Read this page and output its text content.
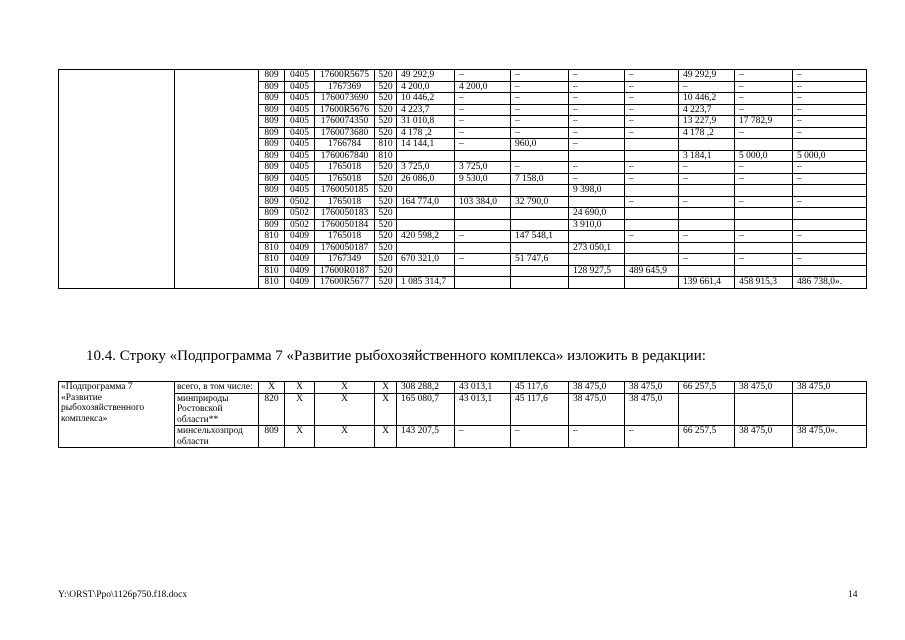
		809	0405	17600R5675	520	49 292,9	–	–	–	–	49 292,9	–	–
		809	0405	1767369	520	4 200,0	4 200,0	–	–	–	–	–	–
		809	0405	1760073690	520	10 446,2	–	–	–	–	10 446,2	–	–
		809	0405	17600R5676	520	4 223,7	–	–	–	–	4 223,7	–	–
		809	0405	1760074350	520	31 010,8	–	–	–	–	13 227,9	17 782,9	–
		809	0405	1760073680	520	4 178 ,2	–	–	–	–	4 178 ,2	–	–
		809	0405	1766784	810	14 144,1	–	960,0	–				
		809	0405	1760067840	810						3 184,1	5 000,0	5 000,0
		809	0405	1765018	520	3 725,0	3 725,0	–	–	–	–	–	–
		809	0405	1765018	520	26 086,0	9 530,0	7 158,0	–	–	–	–	–
		809	0405	1760050185	520				9 398,0				
		809	0502	1765018	520	164 774,0	103 384,0	32 790,0		–	–	–	–
		809	0502	1760050183	520				24 690,0				
		809	0502	1760050184	520				3 910,0				
		810	0409	1765018	520	420 598,2	–	147 548,1		–	–	–	–
		810	0409	1760050187	520				273 050,1				
		810	0409	1767349	520	670 321,0	–	51 747,6			–	–	–
		810	0409	17600R0187	520				128 927,5	489 645,9			
		810	0409	17600R5677	520	1 085 314,7					139 661,4	458 915,3	486 738,0».
10.4. Строку «Подпрограмма 7 «Развитие рыбохозяйственного комплекса» изложить в редакции:
«Подпрограмма 7 «Развитие рыбохозяйственного комплекса»	всего, в том числе:	Х	Х	Х	Х	308 288,2	43 013,1	45 117,6	38 475,0	38 475,0	66 257,5	38 475,0	38 475,0
	минприроды Ростовской области**	820	Х	Х	Х	165 080,7	43 013,1	45 117,6	38 475,0	38 475,0			
	минсельхозпрод области	809	Х	Х	Х	143 207,5	–	–	–	–	66 257,5	38 475,0	38 475,0».
Y:\ORST\Ppo\1126p750.f18.docx	14
